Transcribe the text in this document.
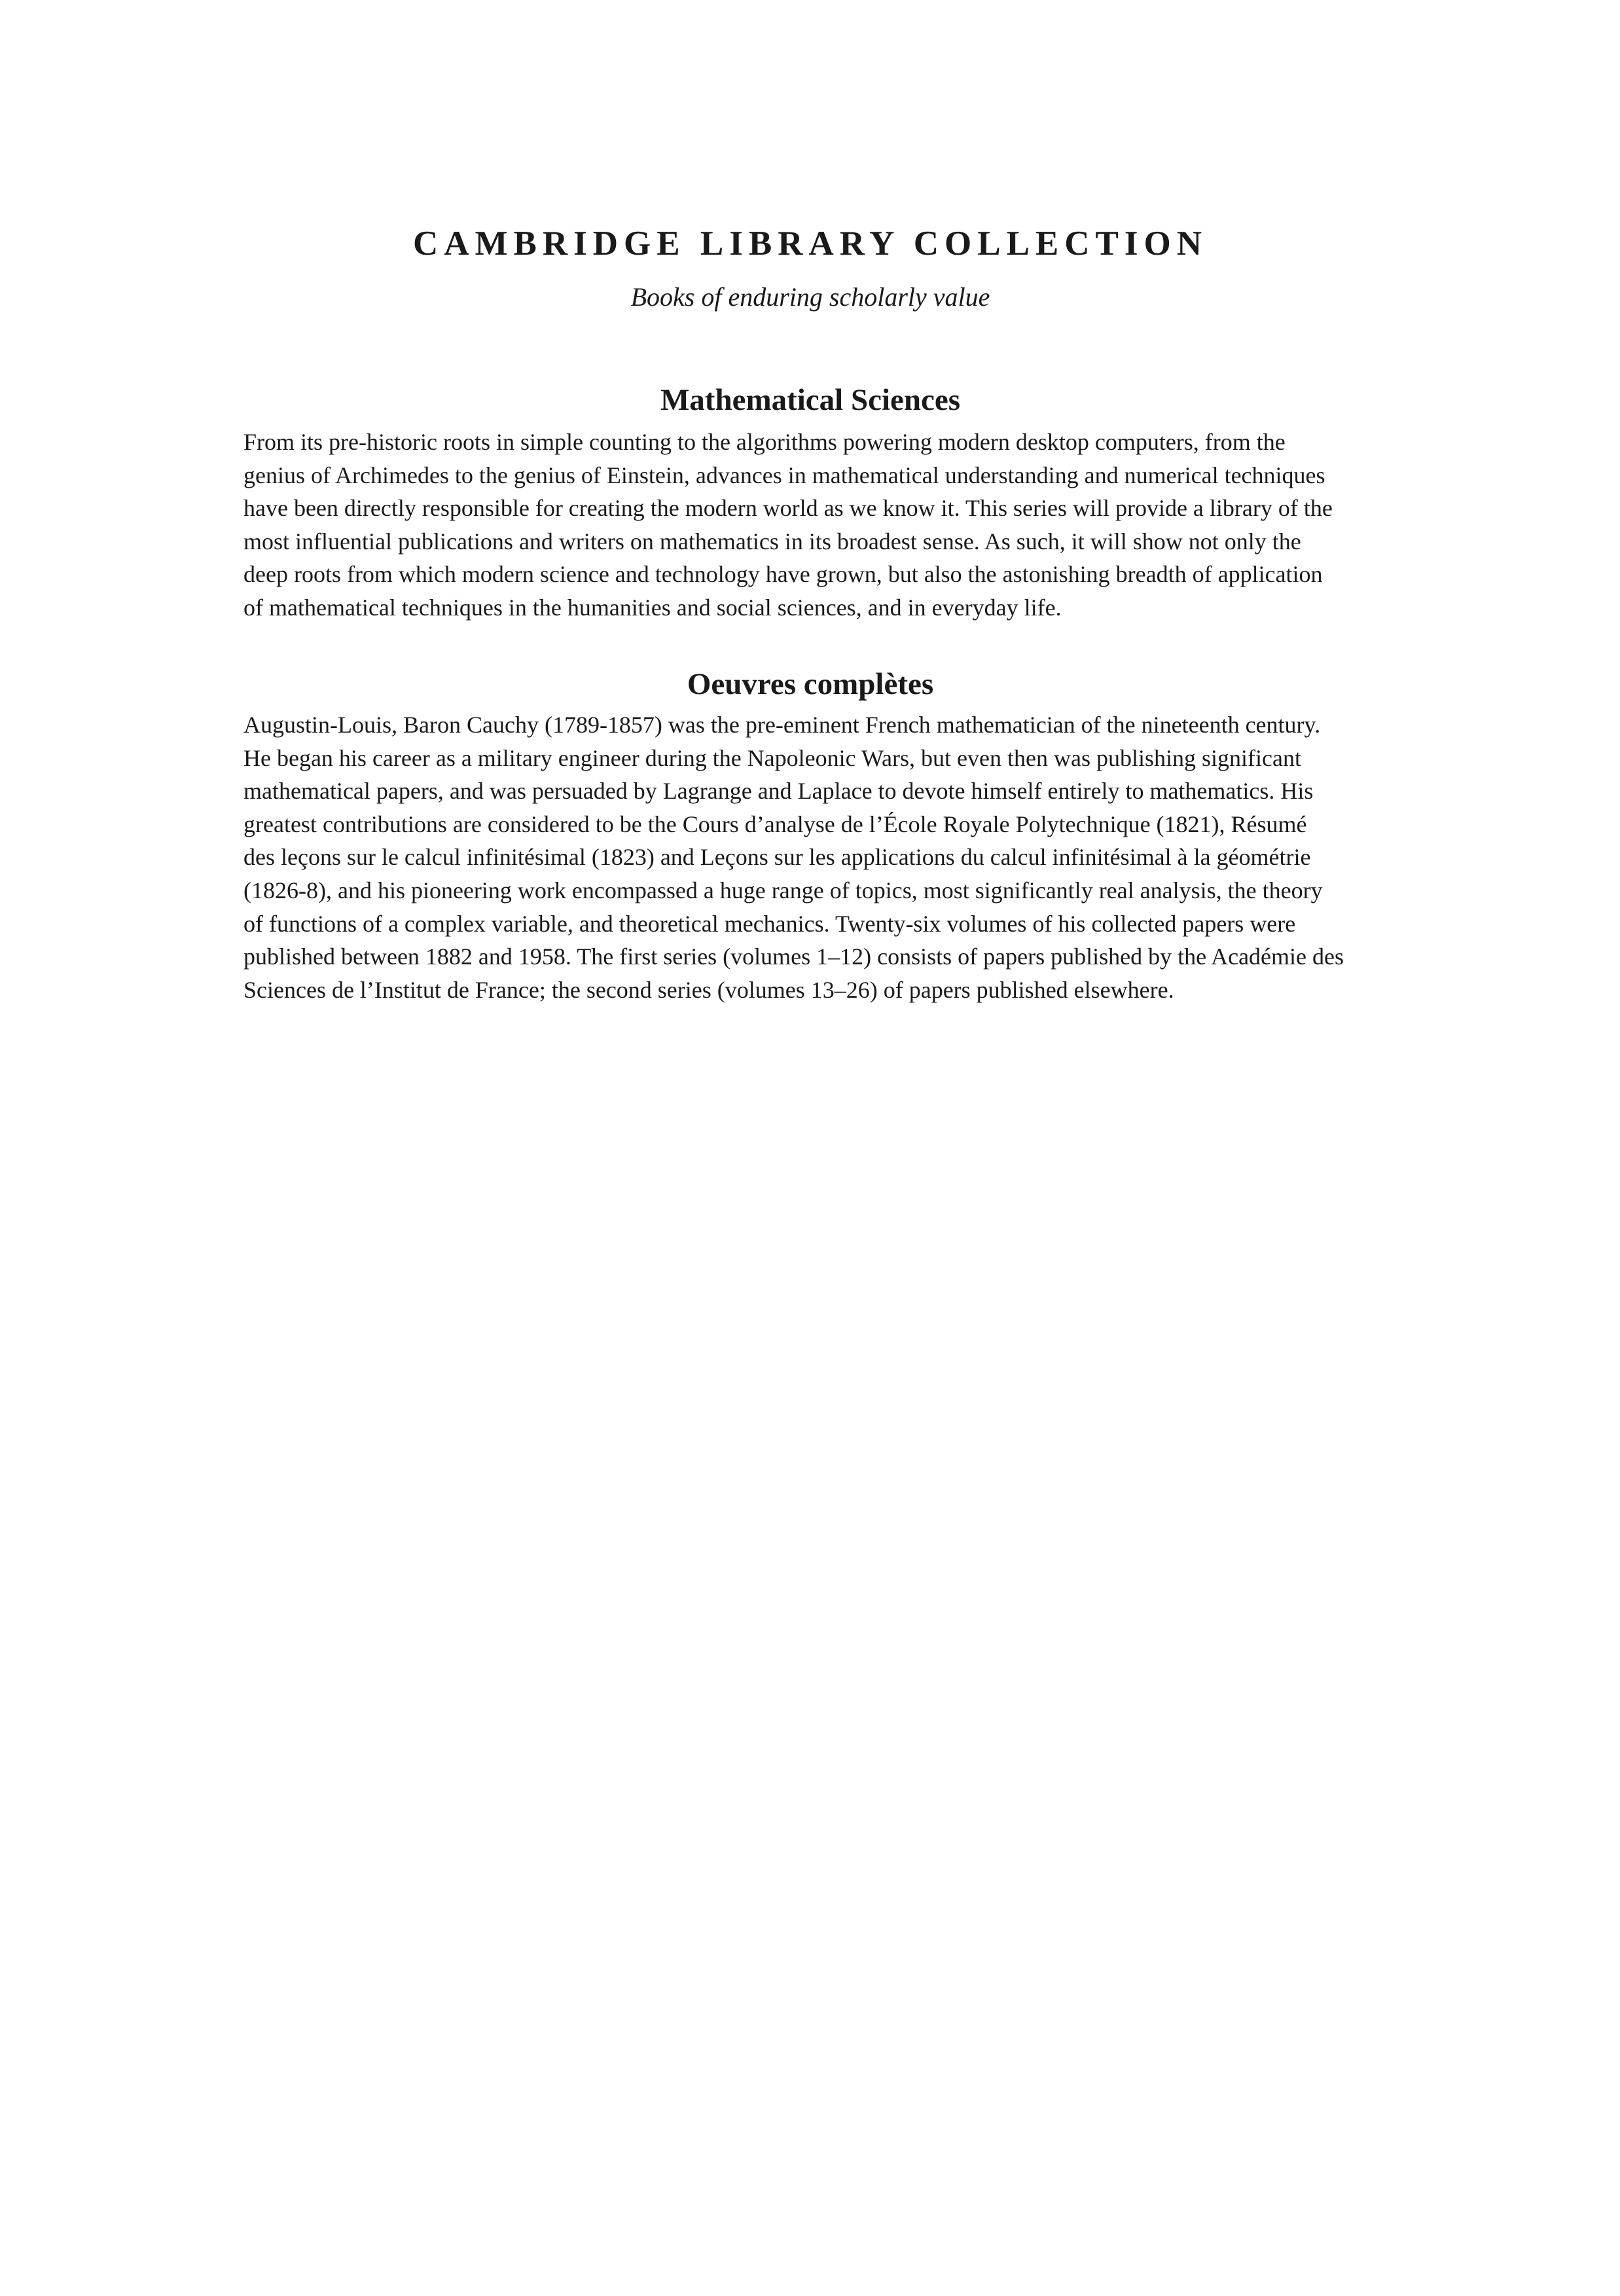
CAMBRIDGE LIBRARY COLLECTION

Books of enduring scholarly value

Mathematical Sciences
From its pre-historic roots in simple counting to the algorithms powering modern desktop computers, from the
genius of Archimedes to the genius of Einstein, advances in mathematical understanding and numerical techniques
have been directly responsible for creating the modern world as we know it. This series will provide a library of the
most influential publications and writers on mathematics in its broadest sense. As such, it will show not only the
deep roots from which modern science and technology have grown, but also the astonishing breadth of application
of mathematical techniques in the humanities and social sciences, and in everyday life.
Oeuvres complètes
Augustin-Louis, Baron Cauchy (1789-1857) was the pre-eminent French mathematician of the nineteenth century.
He began his career as a military engineer during the Napoleonic Wars, but even then was publishing significant
mathematical papers, and was persuaded by Lagrange and Laplace to devote himself entirely to mathematics. His
greatest contributions are considered to be the Cours d’analyse de l’École Royale Polytechnique (1821), Résumé
des leçons sur le calcul infinitésimal (1823) and Leçons sur les applications du calcul infinitésimal à la géométrie
(1826-8), and his pioneering work encompassed a huge range of topics, most significantly real analysis, the theory
of functions of a complex variable, and theoretical mechanics. Twenty-six volumes of his collected papers were
published between 1882 and 1958. The first series (volumes 1–12) consists of papers published by the Académie des
Sciences de l’Institut de France; the second series (volumes 13–26) of papers published elsewhere.
